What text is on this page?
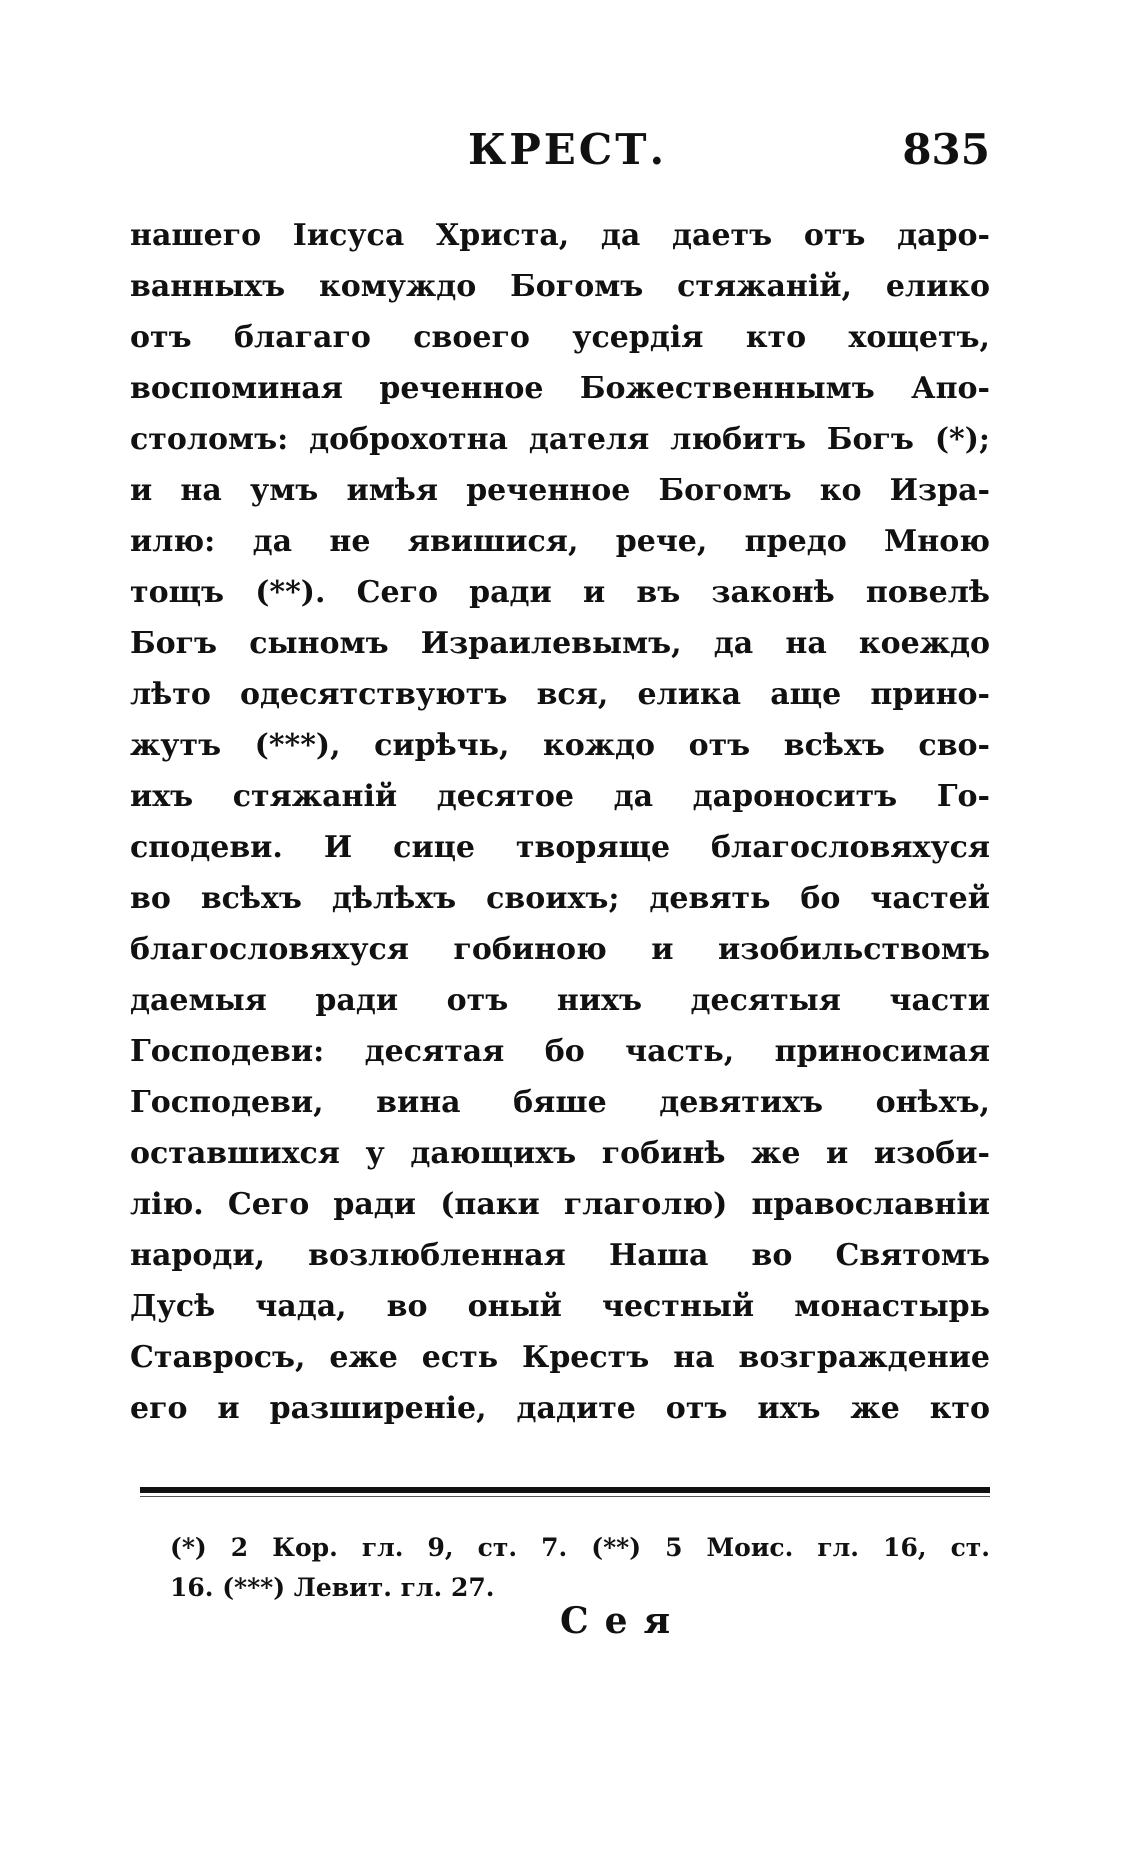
КРЕСТ.	835
нашего Іисуса Христа, да даетъ отъ даро-
ванныхъ комуждо Богомъ стяжаній, елико
отъ благаго своего усердія кто хощетъ,
воспоминая реченное Божественнымъ Апо-
столомъ: доброхотна дателя любитъ Богъ (*);
и на умъ имѣя реченное Богомъ ко Изра-
илю: да не явишися, рече, предо Мною
тощъ (**). Сего ради и въ законѣ повелѣ
Богъ сыномъ Израилевымъ, да на коеждо
лѣто одесятствуютъ вся, елика аще прино-
жутъ (***), сирѣчь, кождо отъ всѣхъ сво-
ихъ стяжаній десятое да дароноситъ Го-
сподеви. И сице творяще благословяхуся
во всѣхъ дѣлѣхъ своихъ; девять бо частей
благословяхуся гобиною и изобильствомъ
даемыя ради отъ нихъ десятыя части
Господеви: десятая бо часть, приносимая
Господеви, вина бяше девятихъ онѣхъ,
оставшихся у дающихъ гобинѣ же и изоби-
лію. Сего ради (паки глаголю) православніи
народи, возлюбленная Наша во Святомъ
Дусѣ чада, во оный честный монастырь
Ставросъ, еже есть Крестъ на возграждение
его и разширеніе, дадите отъ ихъ же кто
(*) 2 Кор. гл. 9, ст. 7. (**) 5 Моис. гл. 16, ст.
16. (***) Левит. гл. 27.
Сея
